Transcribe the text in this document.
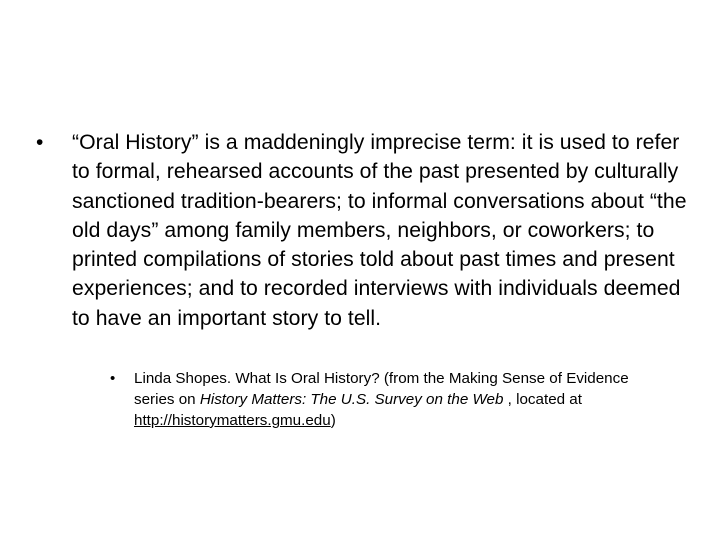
•	“Oral History” is a maddeningly imprecise term: it is used to refer to formal, rehearsed accounts of the past presented by culturally sanctioned tradition-bearers; to informal conversations about “the old days” among family members, neighbors, or coworkers; to printed compilations of stories told about past times and present experiences; and to recorded interviews with individuals deemed to have an important story to tell.
•	Linda Shopes. What Is Oral History? (from the Making Sense of Evidence series on History Matters: The U.S. Survey on the Web , located at http://historymatters.gmu.edu)
